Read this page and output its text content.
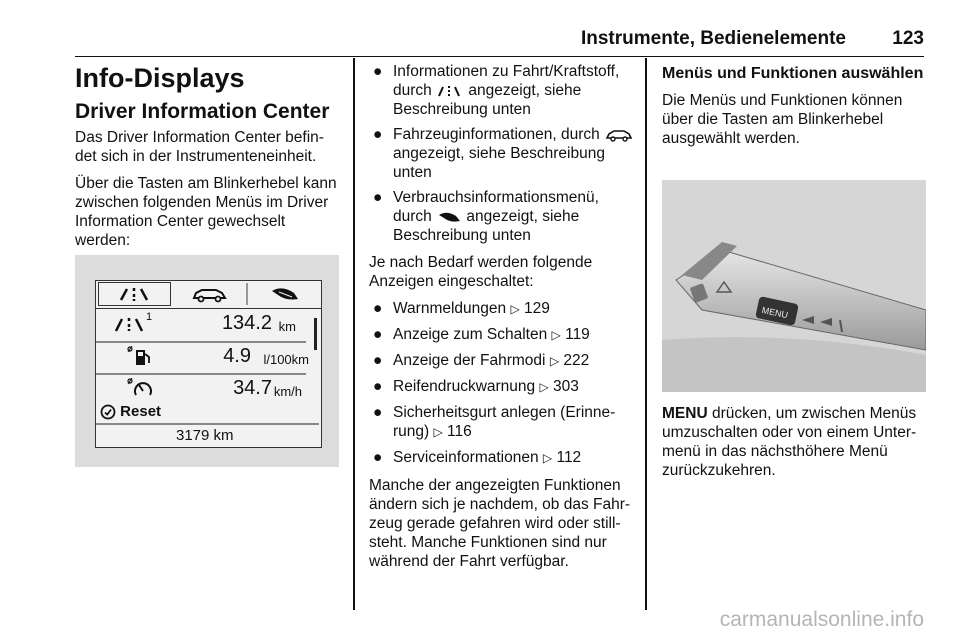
Instrumente, Bedienelemente 123
Info-Displays
Driver Information Center

Das Driver Information Center befin-det sich in der Instrumenteneinheit.

Über die Tasten am Blinkerhebel kann zwischen folgenden Menüs im Driver Information Center gewechselt werden:

1	134.2 km
4.9 l/100km
34.7 km/h
Reset
3179 km
● Informationen zu Fahrt/Kraftstoff, durch angezeigt, siehe Beschreibung unten
● Fahrzeuginformationen, durch  angezeigt, siehe Beschreibung unten
● Verbrauchsinformationsmenü, durch angezeigt, siehe Beschreibung unten

Je nach Bedarf werden folgende Anzeigen eingeschaltet:

● Warnmeldungen ▷ 129
● Anzeige zum Schalten ▷ 119
● Anzeige der Fahrmodi ▷ 222
● Reifendruckwarnung ▷ 303
● Sicherheitsgurt anlegen (Erinne-rung) ▷ 116
● Serviceinformationen ▷ 112

Manche der angezeigten Funktionen ändern sich je nachdem, ob das Fahr-zeug gerade gefahren wird oder still-steht. Manche Funktionen sind nur während der Fahrt verfügbar.

Menüs und Funktionen auswählen

Die Menüs und Funktionen können über die Tasten am Blinkerhebel ausgewählt werden.

MENU

MENU drücken, um zwischen Menüs umzuschalten oder von einem Unter-menü in das nächsthöhere Menü zurückzukehren.

carmanualsonline.info
